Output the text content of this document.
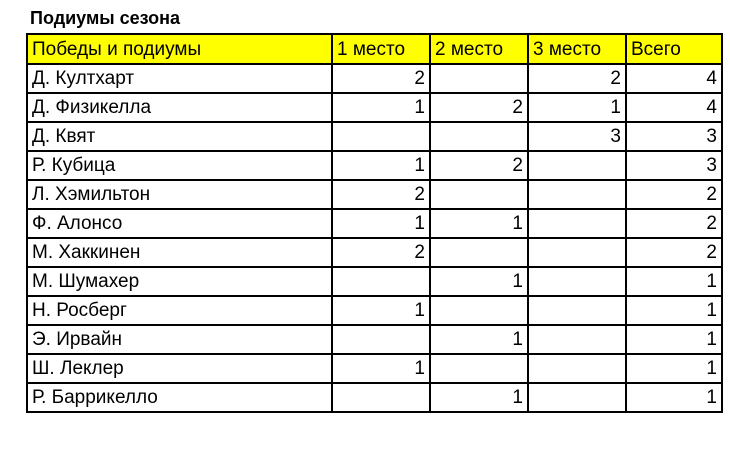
Подиумы сезона
Победы и подиумы	1 место	2 место	3 место	Всего
Д. Култхарт	2		2	4
Д. Физикелла	1	2	1	4
Д. Квят			3	3
Р. Кубица	1	2		3
Л. Хэмильтон	2			2
Ф. Алонсо	1	1		2
М. Хаккинен	2			2
М. Шумахер		1		1
Н. Росберг	1			1
Э. Ирвайн		1		1
Ш. Леклер	1			1
Р. Баррикелло		1		1
